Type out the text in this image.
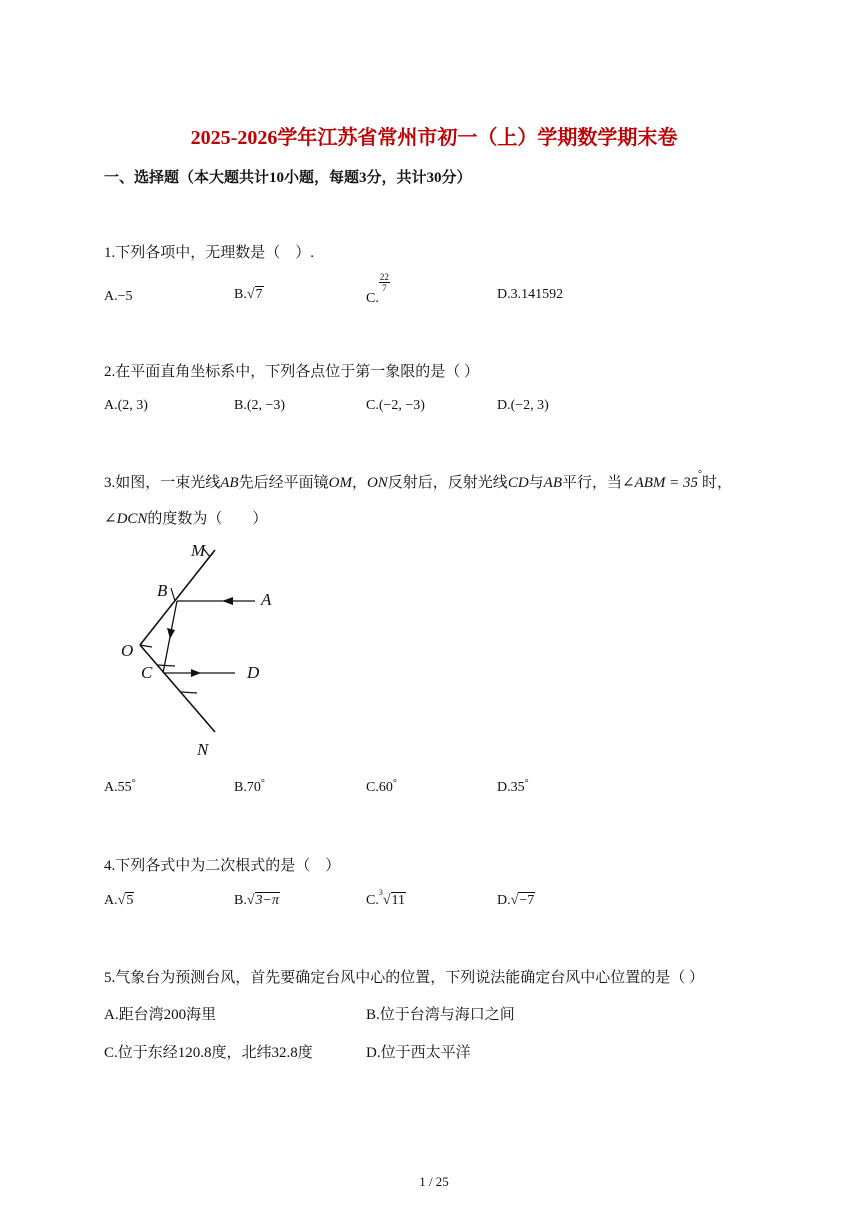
2025-2026学年江苏省常州市初一（上）学期数学期末卷
一、选择题（本大题共计10小题，每题3分，共计30分）
1.下列各项中，无理数是（　）.
A.−5	B.√7	C.
$\frac{22}{7}$
D.3.141592
2.在平面直角坐标系中，下列各点位于第一象限的是（ ）
A.(2, 3)	B.(2, −3)	C.(−2, −3)	D.(−2, 3)
3.如图，一束光线AB先后经平面镜OM，ON反射后，反射光线CD与AB平行，当∠ABM = 35°时，
∠DCN的度数为（　　）
M
B	A
O
C	D
N
A.55°	B.70°	C.60°	D.35°
4.下列各式中为二次根式的是（　）
A.√5	B.√3−π	C.$^3$√11	D.√−7
5.气象台为预测台风，首先要确定台风中心的位置，下列说法能确定台风中心位置的是（ ）
A.距台湾200海里	B.位于台湾与海口之间
C.位于东经120.8度，北纬32.8度	D.位于西太平洋
1 / 25
